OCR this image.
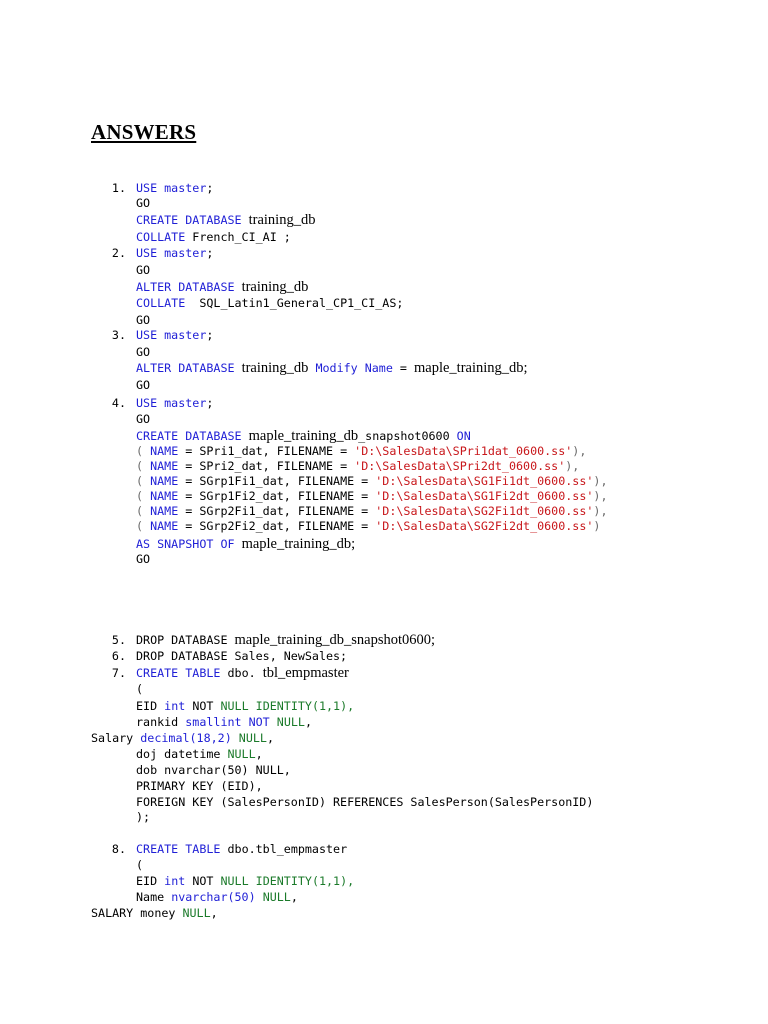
ANSWERS
1. USE master;
GO
CREATE DATABASE training_db
COLLATE French_CI_AI ;
2. USE master;
GO
ALTER DATABASE training_db
COLLATE  SQL_Latin1_General_CP1_CI_AS;
GO
3. USE master;
GO
ALTER DATABASE training_db Modify Name = maple_training_db;
GO
4. USE master;
GO
CREATE DATABASE maple_training_db_snapshot0600 ON
( NAME = SPri1_dat, FILENAME = 'D:\SalesData\SPri1dat_0600.ss'),
( NAME = SPri2_dat, FILENAME = 'D:\SalesData\SPri2dt_0600.ss'),
( NAME = SGrp1Fi1_dat, FILENAME = 'D:\SalesData\SG1Fi1dt_0600.ss'),
( NAME = SGrp1Fi2_dat, FILENAME = 'D:\SalesData\SG1Fi2dt_0600.ss'),
( NAME = SGrp2Fi1_dat, FILENAME = 'D:\SalesData\SG2Fi1dt_0600.ss'),
( NAME = SGrp2Fi2_dat, FILENAME = 'D:\SalesData\SG2Fi2dt_0600.ss')
AS SNAPSHOT OF maple_training_db;
GO
5. DROP DATABASE maple_training_db_snapshot0600;
6. DROP DATABASE Sales, NewSales;
7. CREATE TABLE dbo. tbl_empmaster
(
EID int NOT NULL IDENTITY(1,1),
rankid smallint NOT NULL,
Salary decimal(18,2) NULL,
doj datetime NULL,
dob nvarchar(50) NULL,
PRIMARY KEY (EID),
FOREIGN KEY (SalesPersonID) REFERENCES SalesPerson(SalesPersonID)
);
8. CREATE TABLE dbo.tbl_empmaster
(
EID int NOT NULL IDENTITY(1,1),
Name nvarchar(50) NULL,
SALARY money NULL,
